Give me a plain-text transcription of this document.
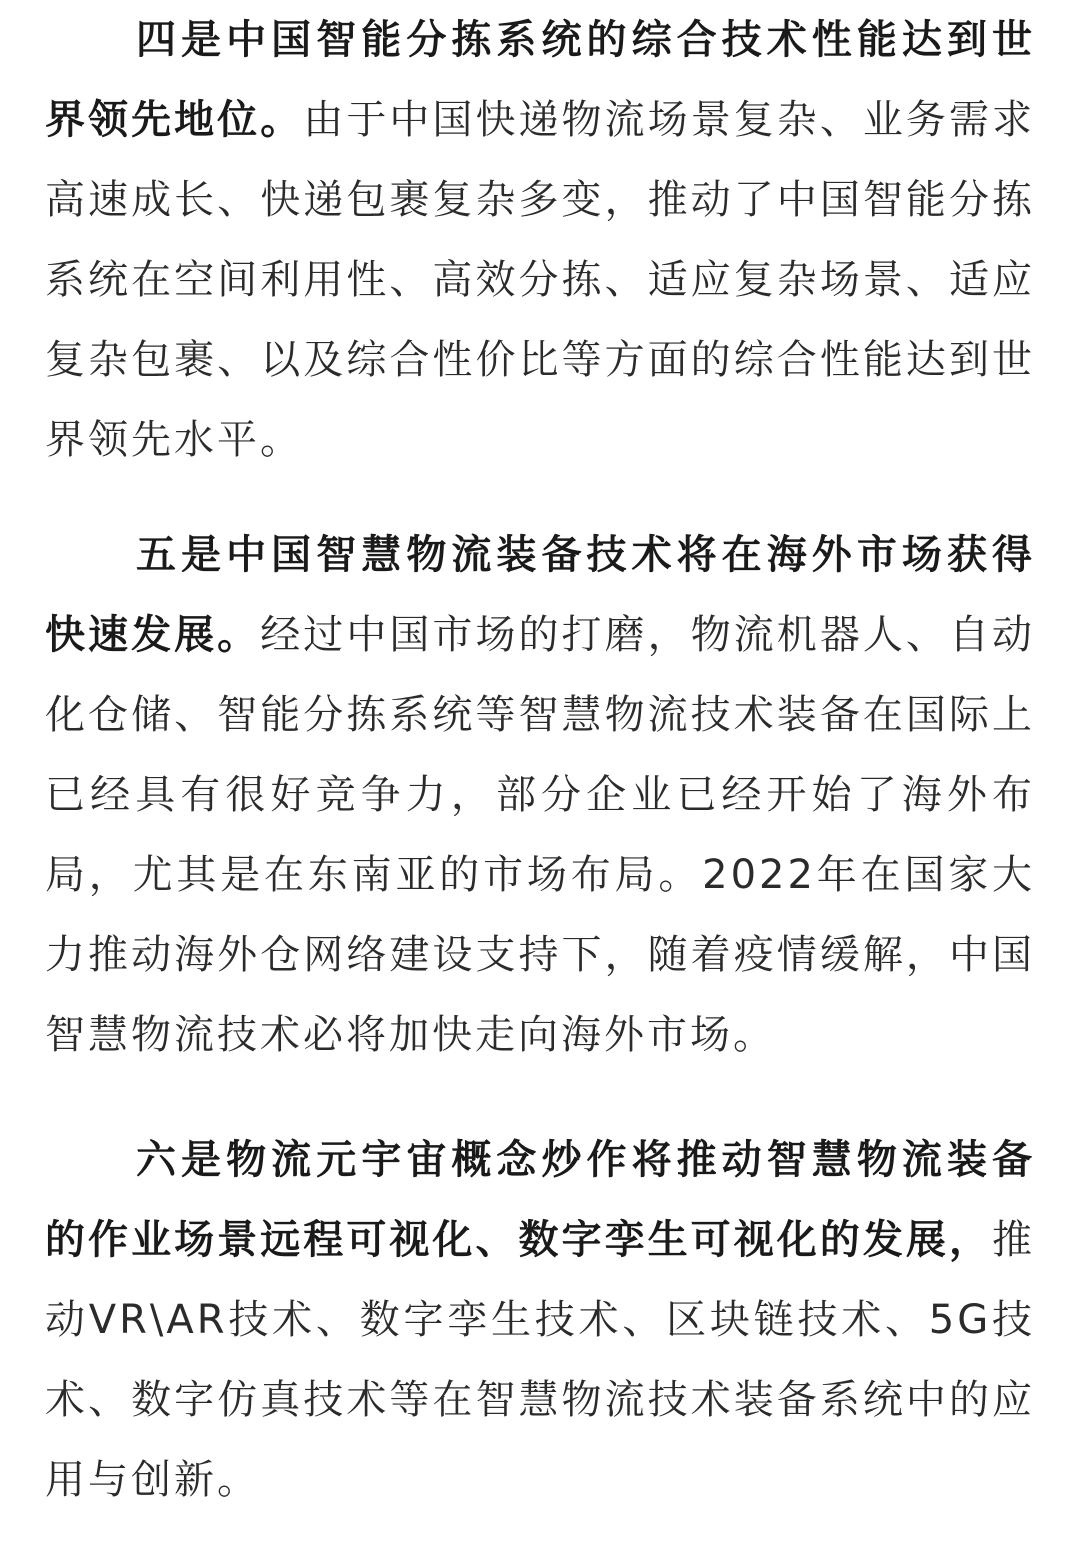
四是中国智能分拣系统的综合技术性能达到世界领先地位。由于中国快递物流场景复杂、业务需求高速成长、快递包裹复杂多变，推动了中国智能分拣系统在空间利用性、高效分拣、适应复杂场景、适应复杂包裹、以及综合性价比等方面的综合性能达到世界领先水平。

五是中国智慧物流装备技术将在海外市场获得快速发展。经过中国市场的打磨，物流机器人、自动化仓储、智能分拣系统等智慧物流技术装备在国际上已经具有很好竞争力，部分企业已经开始了海外布局，尤其是在东南亚的市场布局。2022年在国家大力推动海外仓网络建设支持下，随着疫情缓解，中国智慧物流技术必将加快走向海外市场。

六是物流元宇宙概念炒作将推动智慧物流装备的作业场景远程可视化、数字孪生可视化的发展，推动VR\AR技术、数字孪生技术、区块链技术、5G技术、数字仿真技术等在智慧物流技术装备系统中的应用与创新。
